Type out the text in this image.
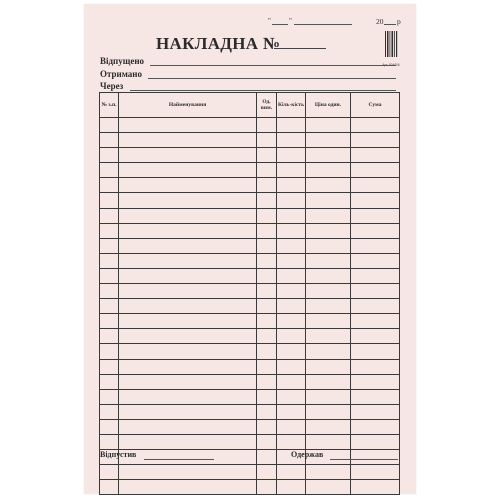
"	"	20 р
НАКЛАДНА №
Арт. 904006
Відпущено
Отримано
Через
№ з.п.	Найменування	Од. вим.	Кіль-кість	Ціна один.	Сума

Відпустив	Одержав
